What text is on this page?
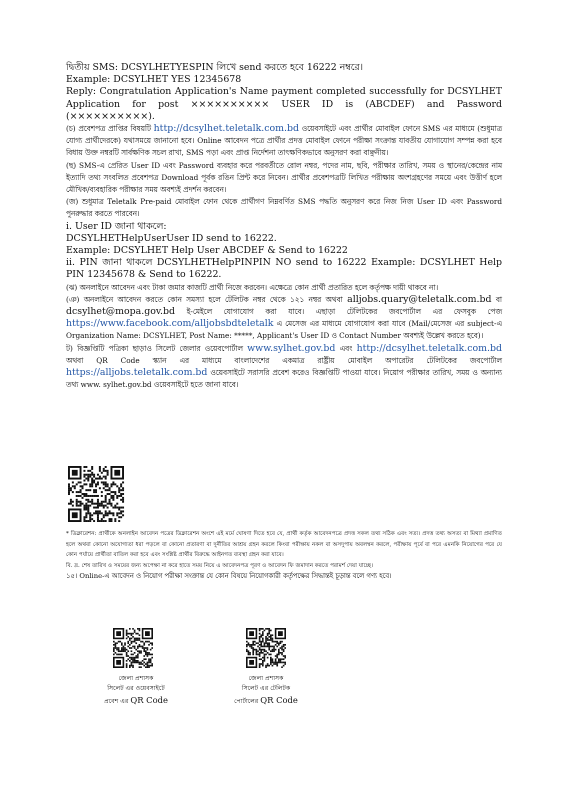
দ্বিতীয় SMS: DCSYLHETYESPIN লিখে send করতে হবে 16222 নম্বরে।

Example: DCSYLHET YES 12345678

Reply: Congratulation Application's Name payment completed successfully for DCSYLHET Application for post ×××××××××× USER ID is (ABCDEF) and Password (××××××××××).

(চ) প্রবেশপত্র প্রাপ্তির বিষয়টি http://dcsylhet.teletalk.com.bd ওয়েবসাইটে এবং প্রার্থীর মোবাইল ফোনে SMS এর মাধ্যমে (শুধুমাত্র যোগ্য প্রার্থীদেরকে) যথাসময়ে জানানো হবে। Online আবেদন পত্রে প্রার্থীর প্রদত্ত মোবাইল ফোনে পরীক্ষা সংক্রান্ত যাবতীয় যোগাযোগ সম্পন্ন করা হবে বিধায় উক্ত নম্বরটি সার্বক্ষণিক সচল রাখা, SMS পড়া এবং প্রাপ্ত নির্দেশনা তাৎক্ষণিকভাবে অনুসরণ করা বাঞ্ছনীয়।

(ছ) SMS-এ প্রেরিত User ID এবং Password ব্যবহার করে পরবর্তীতে রোল নম্বর, পদের নাম, ছবি, পরীক্ষার তারিখ, সময় ও স্থানের/কেন্দ্রের নাম ইত্যাদি তথ্য সংবলিত প্রবেশপত্র Download পূর্বক রঙিন প্রিন্ট করে নিবেন। প্রার্থীর প্রবেশপত্রটি লিখিত পরীক্ষায় অংশগ্রহণের সময়ে এবং উত্তীর্ণ হলে মৌখিক/ব্যবহারিক পরীক্ষার সময় অবশ্যই প্রদর্শন করবেন।

(জ) শুধুমাত্র Teletalk Pre-paid মোবাইল ফোন থেকে প্রার্থীগণ নিম্নবর্ণিত SMS পদ্ধতি অনুসরণ করে নিজ নিজ User ID এবং Password পুনরুদ্ধার করতে পারবেন।

i. User ID জানা থাকলে:

DCSYLHETHelpUserUser ID send to 16222.

Example: DCSYLHET Help User ABCDEF & Send to 16222

ii. PIN জানা থাকলে DCSYLHETHelpPINPIN NO send to 16222 Example: DCSYLHET Help PIN 12345678 & Send to 16222.

(ঝ) অনলাইনে আবেদন এবং টাকা জমার কাজটি প্রার্থী নিজে করবেন। এক্ষেত্রে কোন প্রার্থী প্রতারিত হলে কর্তৃপক্ষ দায়ী থাকবে না।

(ঞ) অনলাইনে আবেদন করতে কোন সমস্যা হলে টেলিটক নম্বর থেকে ১২১ নম্বর অথবা alljobs.quary@teletalk.com.bd বা dcsylhet@mopa.gov.bd ই-মেইলে যোগাযোগ করা যাবে। এছাড়া টেলিটকের জবপোর্টাল এর ফেসবুক পেজ https://www.facebook.com/alljobsbdteletalk এ মেসেজ এর মাধ্যমে যোগাযোগ করা যাবে (Mail/মেসেজ এর subject-এ Organization Name: DCSYLHET, Post Name: *****, Applicant's User ID ও Contact Number অবশ্যই উল্লেখ করতে হবে)।

ট) বিজ্ঞপ্তিটি পত্রিকা ছাড়াও সিলেট জেলার ওয়েবপোর্টাল www.sylhet.gov.bd এবং http://dcsylhet.teletalk.com.bd অথবা QR Code স্ক্যান এর মাধ্যমে বাংলাদেশের একমাত্র রাষ্ট্রীয় মোবাইল অপারেটর টেলিটকের জবপোর্টাল https://alljobs.teletalk.com.bd ওয়েবসাইটে সরাসরি প্রবেশ করেও বিজ্ঞপ্তিটি পাওয়া যাবে। নিয়োগ পরীক্ষার তারিখ, সময় ও অন্যান্য তথ্য www. sylhet.gov.bd ওয়েবসাইটে হতে জানা যাবে।

* ডিক্লারেশন: প্রার্থীকে অনলাইন আবেদন পত্রের ডিক্লারেশন অংশে এই মর্মে ঘোষণা দিতে হবে যে, প্রার্থী কর্তৃক আবেদনপত্রে প্রদত্ত সকল তথ্য সঠিক এবং সত্য। প্রদত্ত তথ্য অসত্য বা মিথ্যা প্রমাণিত হলে অথবা কোনো অযোগ্যতা ধরা পড়লে বা কোনো প্রতারণা বা দুর্নীতির আশ্রয় গ্রহন করলে কিংবা পরীক্ষায় নকল বা অসদুপায় অবলম্বন করলে, পরীক্ষায় পূর্বে বা পরে এমনকি নিয়োগের পরে যে কোন পর্যায়ে প্রার্থীতা বাতিল করা হবে এবং সংশ্লিষ্ট প্রার্থীর বিরুদ্ধে আইনগত ব্যবস্থা গ্রহন করা যাবে।

বি. দ্র. শেষ তারিখ ও সময়ের জন্য অপেক্ষা না করে হাতে সময় নিয়ে এ আবেদনপত্র পূরণ ও আবেদন ফি জমাদান করতে পরামর্শ দেয়া যাচ্ছে।

১৫। Online-এ আবেদন ও নিয়োগ পরীক্ষা সংক্রান্ত যে কোন বিষয়ে নিয়োগকারী কর্তৃপক্ষের সিদ্ধান্তই চূড়ান্ত বলে গণ্য হবে।

জেলা প্রশাসক
সিলেট এর ওয়েবসাইটে
প্রবেশ এর QR Code
জেলা প্রশাসক
সিলেট এর টেলিটক
পোর্টালের QR Code
